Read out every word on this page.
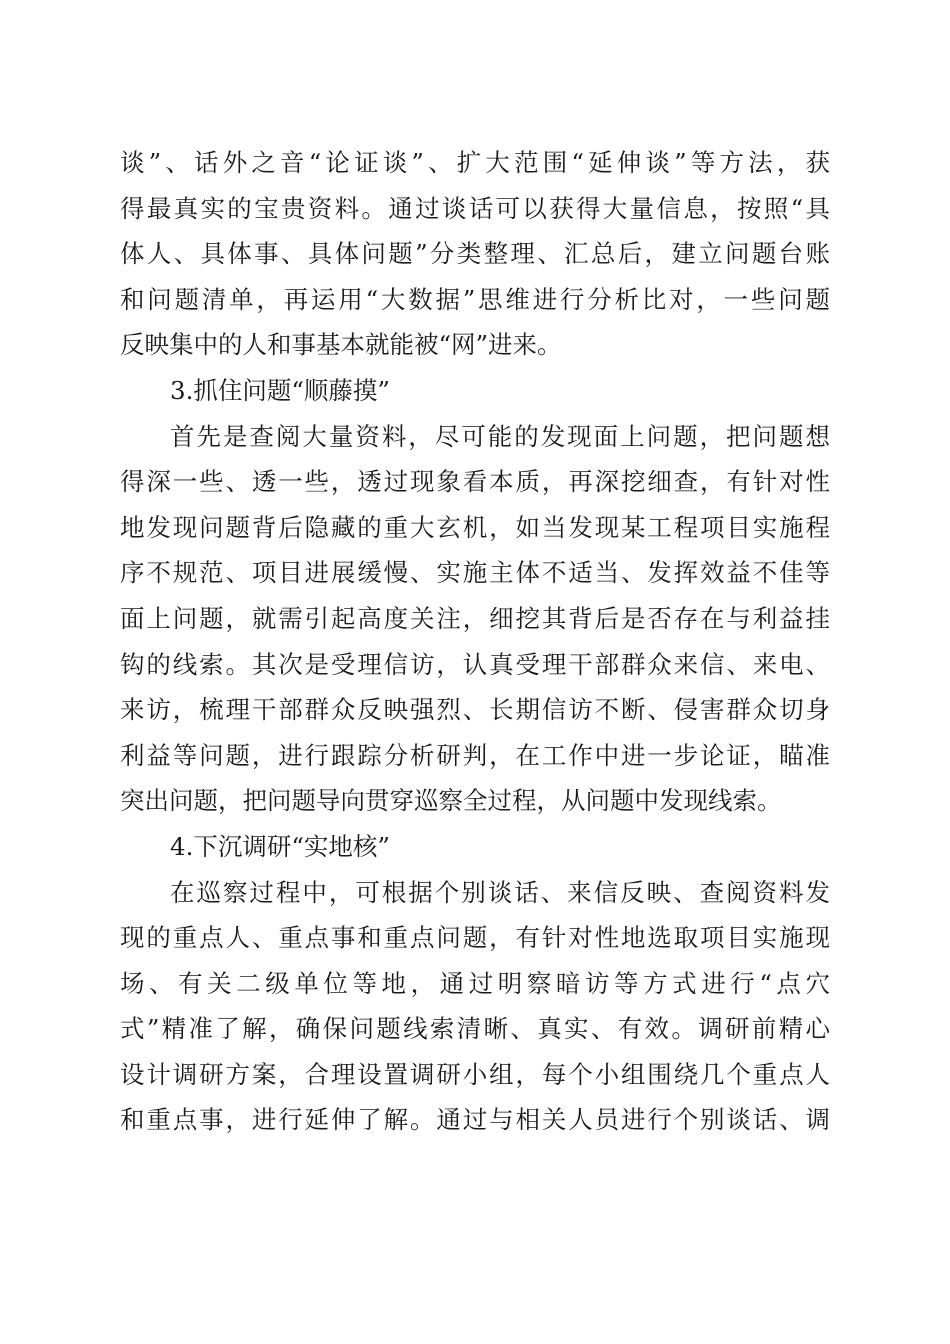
谈”、话外之音“论证谈”、扩大范围“延伸谈”等方法，获
得最真实的宝贵资料。通过谈话可以获得大量信息，按照“具
体人、具体事、具体问题”分类整理、汇总后，建立问题台账
和问题清单，再运用“大数据”思维进行分析比对，一些问题
反映集中的人和事基本就能被“网”进来。
3.抓住问题“顺藤摸”
首先是查阅大量资料，尽可能的发现面上问题，把问题想
得深一些、透一些，透过现象看本质，再深挖细查，有针对性
地发现问题背后隐藏的重大玄机，如当发现某工程项目实施程
序不规范、项目进展缓慢、实施主体不适当、发挥效益不佳等
面上问题，就需引起高度关注，细挖其背后是否存在与利益挂
钩的线索。其次是受理信访，认真受理干部群众来信、来电、
来访，梳理干部群众反映强烈、长期信访不断、侵害群众切身
利益等问题，进行跟踪分析研判，在工作中进一步论证，瞄准
突出问题，把问题导向贯穿巡察全过程，从问题中发现线索。
4.下沉调研“实地核”
在巡察过程中，可根据个别谈话、来信反映、查阅资料发
现的重点人、重点事和重点问题，有针对性地选取项目实施现
场、有关二级单位等地，通过明察暗访等方式进行“点穴
式”精准了解，确保问题线索清晰、真实、有效。调研前精心
设计调研方案，合理设置调研小组，每个小组围绕几个重点人
和重点事，进行延伸了解。通过与相关人员进行个别谈话、调
